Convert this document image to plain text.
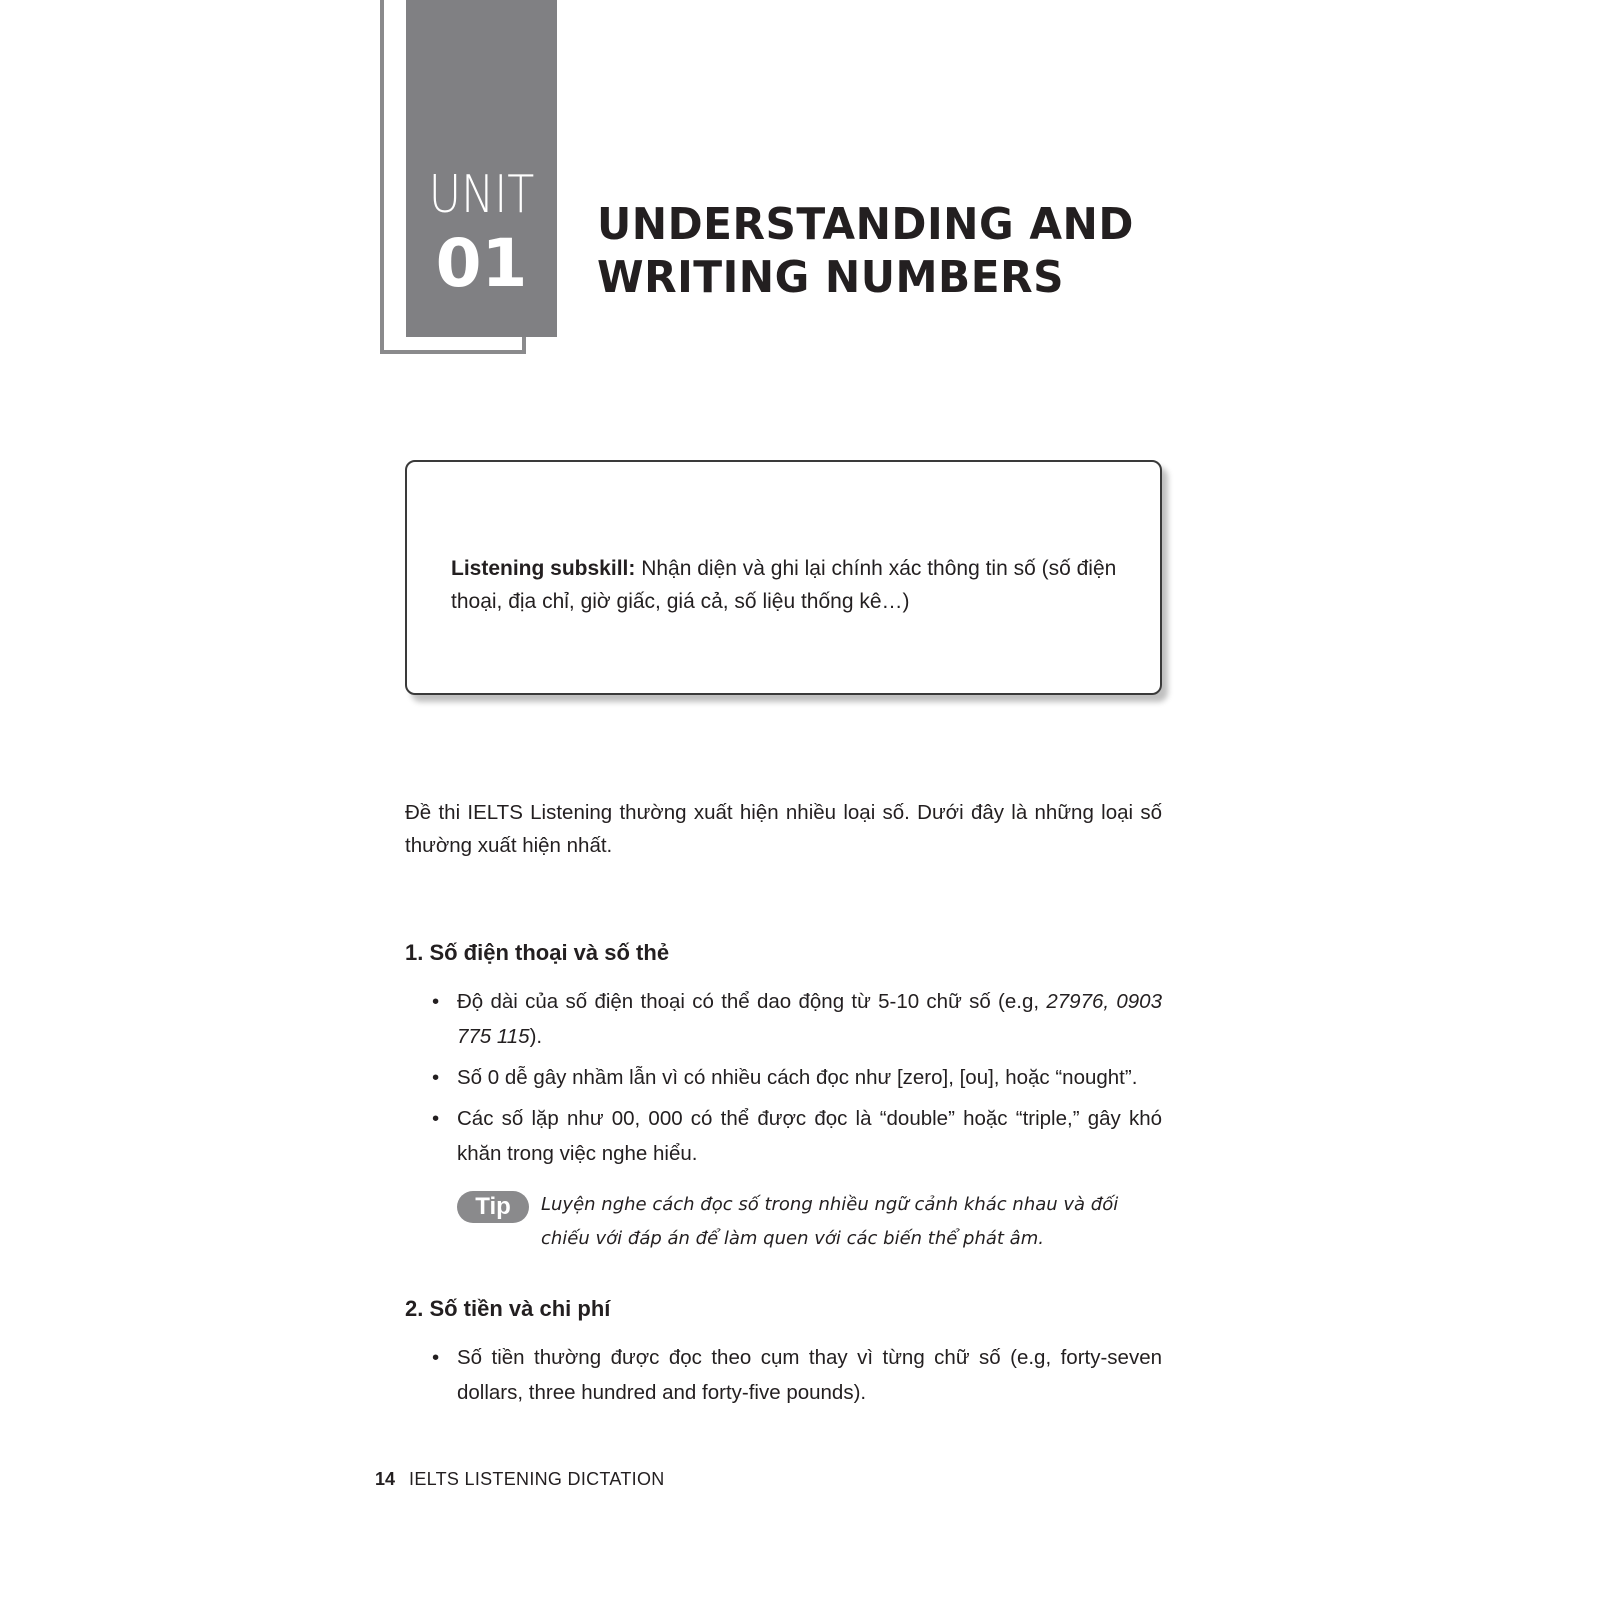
UNIT
01
UNDERSTANDING AND
WRITING NUMBERS
Listening subskill: Nhận diện và ghi lại chính xác thông tin số (số điện thoại, địa chỉ, giờ giấc, giá cả, số liệu thống kê…)
Đề thi IELTS Listening thường xuất hiện nhiều loại số. Dưới đây là những loại số thường xuất hiện nhất.
1. Số điện thoại và số thẻ
• Độ dài của số điện thoại có thể dao động từ 5-10 chữ số (e.g, 27976, 0903 775 115).
• Số 0 dễ gây nhầm lẫn vì có nhiều cách đọc như [zero], [ou], hoặc “nought”.
• Các số lặp như 00, 000 có thể được đọc là “double” hoặc “triple,” gây khó khăn trong việc nghe hiểu.
Tip	Luyện nghe cách đọc số trong nhiều ngữ cảnh khác nhau và đối chiếu với đáp án để làm quen với các biến thể phát âm.
2. Số tiền và chi phí
• Số tiền thường được đọc theo cụm thay vì từng chữ số (e.g, forty-seven dollars, three hundred and forty-five pounds).
14 IELTS LISTENING DICTATION
